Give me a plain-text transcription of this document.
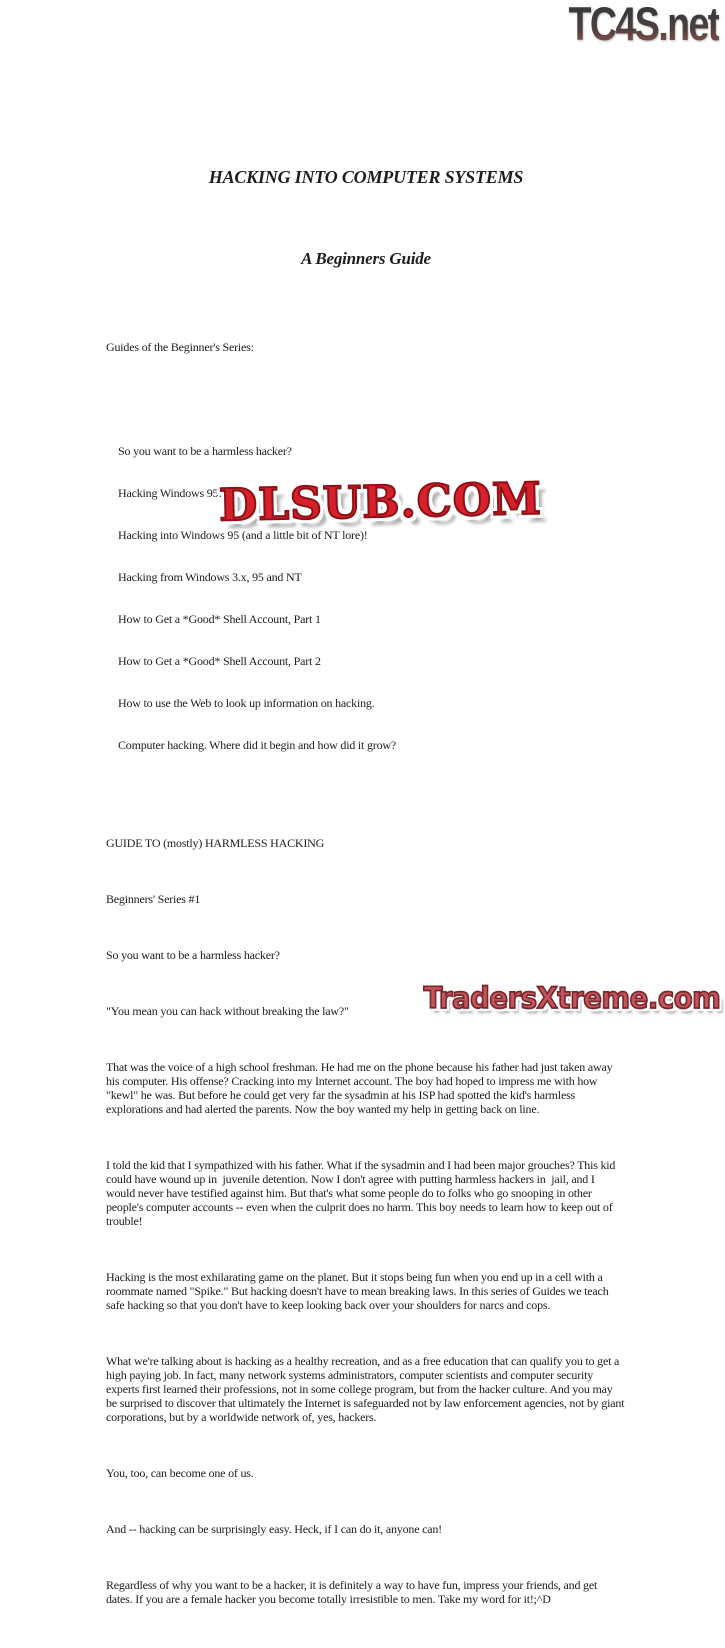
TC4S.net

HACKING INTO COMPUTER SYSTEMS

A Beginners Guide

Guides of the Beginner's Series:

So you want to be a harmless hacker?

Hacking Windows 95!

Hacking into Windows 95 (and a little bit of NT lore)!

Hacking from Windows 3.x, 95 and NT

How to Get a *Good* Shell Account, Part 1

How to Get a *Good* Shell Account, Part 2

How to use the Web to look up information on hacking.

Computer hacking. Where did it begin and how did it grow?

GUIDE TO (mostly) HARMLESS HACKING

Beginners' Series #1

So you want to be a harmless hacker?

"You mean you can hack without breaking the law?"

That was the voice of a high school freshman. He had me on the phone because his father had just taken away his computer. His offense? Cracking into my Internet account. The boy had hoped to impress me with how "kewl" he was. But before he could get very far the sysadmin at his ISP had spotted the kid's harmless explorations and had alerted the parents. Now the boy wanted my help in getting back on line.

I told the kid that I sympathized with his father. What if the sysadmin and I had been major grouches? This kid could have wound up in  juvenile detention. Now I don't agree with putting harmless hackers in  jail, and I would never have testified against him. But that's what some people do to folks who go snooping in other people's computer accounts -- even when the culprit does no harm. This boy needs to learn how to keep out of trouble!

Hacking is the most exhilarating game on the planet. But it stops being fun when you end up in a cell with a roommate named "Spike." But hacking doesn't have to mean breaking laws. In this series of Guides we teach safe hacking so that you don't have to keep looking back over your shoulders for narcs and cops.

What we're talking about is hacking as a healthy recreation, and as a free education that can qualify you to get a high paying job. In fact, many network systems administrators, computer scientists and computer security experts first learned their professions, not in some college program, but from the hacker culture. And you may be surprised to discover that ultimately the Internet is safeguarded not by law enforcement agencies, not by giant corporations, but by a worldwide network of, yes, hackers.

You, too, can become one of us.

And -- hacking can be surprisingly easy. Heck, if I can do it, anyone can!

Regardless of why you want to be a hacker, it is definitely a way to have fun, impress your friends, and get dates. If you are a female hacker you become totally irresistible to men. Take my word for it!;^D

DLSUB.COM
TradersXtreme.com
